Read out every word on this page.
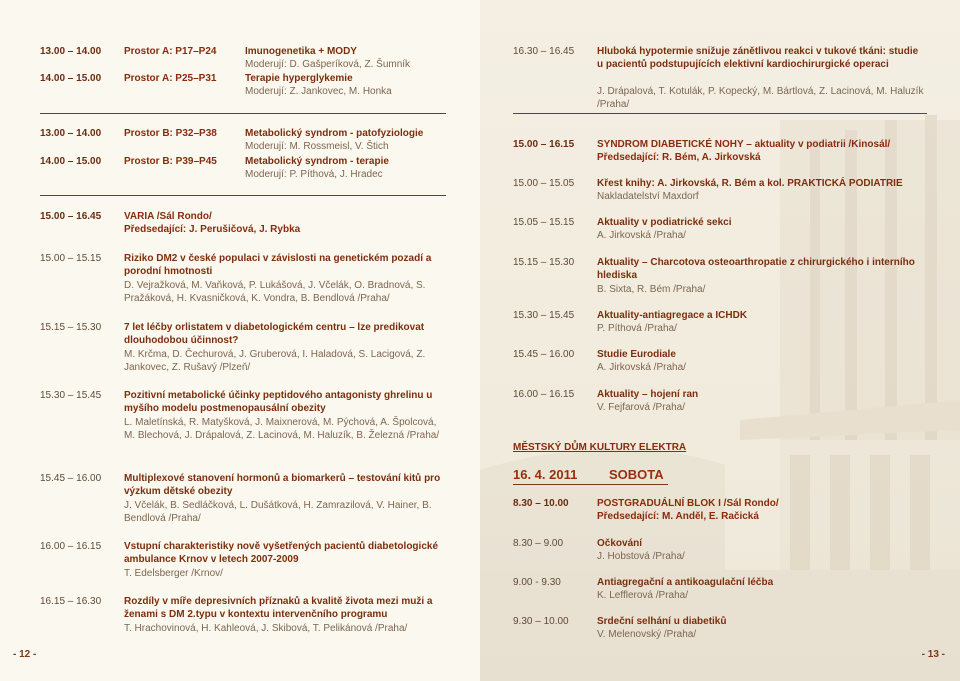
13.00 – 14.00 Prostor A: P17–P24	Imunogenetika + MODY
Moderují: D. Gašperíková, Z. Šumník
14.00 – 15.00 Prostor A: P25–P31	Terapie hyperglykemie
Moderují: Z. Jankovec, M. Honka
13.00 – 14.00 Prostor B: P32–P38	Metabolický syndrom - patofyziologie
Moderují: M. Rossmeisl, V. Štich
14.00 – 15.00 Prostor B: P39–P45	Metabolický syndrom - terapie
Moderují: P. Píthová, J. Hradec
15.00 – 16.45 VARIA /Sál Rondo/
Předsedající: J. Perušičová, J. Rybka
15.00 – 15.15 Riziko DM2 v české populaci v závislosti na genetickém pozadí a porodní hmotnosti
D. Vejražková, M. Vaňková, P. Lukášová, J. Včelák, O. Bradnová, S. Pražáková, H. Kvasničková, K. Vondra, B. Bendlová /Praha/
15.15 – 15.30 7 let léčby orlistatem v diabetologickém centru – lze predikovat dlouhodobou účinnost?
M. Krčma, D. Čechurová, J. Gruberová, I. Haladová, S. Lacigová, Z. Jankovec, Z. Rušavý /Plzeň/
15.30 – 15.45 Pozitivní metabolické účinky peptidového antagonisty ghrelinu u myšího modelu postmenopausální obezity
L. Maletínská, R. Matyšková, J. Maixnerová, M. Pýchová, A. Špolcová, M. Blechová, J. Drápalová, Z. Lacinová, M. Haluzík, B. Železná /Praha/
15.45 – 16.00 Multiplexové stanovení hormonů a biomarkerů – testování kitů pro výzkum dětské obezity
J. Včelák, B. Sedláčková, L. Dušátková, H. Zamrazilová, V. Hainer, B. Bendlová /Praha/
16.00 – 16.15 Vstupní charakteristiky nově vyšetřených pacientů diabetologické ambulance Krnov v letech 2007-2009
T. Edelsberger /Krnov/
16.15 – 16.30 Rozdíly v míře depresivních příznaků a kvalitě života mezi muži a ženami s DM 2.typu v kontextu intervenčního programu
T. Hrachovinová, H. Kahleová, J. Skibová, T. Pelikánová /Praha/
- 12 -
16.30 – 16.45 Hluboká hypotermie snižuje zánětlivou reakci v tukové tkáni: studie u pacientů podstupujících elektivní kardiochirurgické operaci
J. Drápalová, T. Kotulák, P. Kopecký, M. Bártlová, Z. Lacinová, M. Haluzík /Praha/
15.00 – 16.15 SYNDROM DIABETICKÉ NOHY – aktuality v podiatrii /Kinosál/
Předsedající: R. Bém, A. Jirkovská
15.00 – 15.05 Křest knihy: A. Jirkovská, R. Bém a kol. PRAKTICKÁ PODIATRIE
Nakladatelství Maxdorf
15.05 – 15.15 Aktuality v podiatrické sekci
A. Jirkovská /Praha/
15.15 – 15.30 Aktuality – Charcotova osteoarthropatie z chirurgického i interního hlediska
B. Sixta, R. Bém /Praha/
15.30 – 15.45 Aktuality-antiagregace a ICHDK
P. Píthová /Praha/
15.45 – 16.00 Studie Eurodiale
A. Jirkovská /Praha/
16.00 – 16.15 Aktuality – hojení ran
V. Fejfarová /Praha/
MĚSTSKÝ DŮM KULTURY ELEKTRA
16. 4. 2011 SOBOTA
8.30 – 10.00	POSTGRADUÁLNÍ BLOK I /Sál Rondo/
Předsedající: M. Anděl, E. Račická
8.30 – 9.00	Očkování
J. Hobstová /Praha/
9.00 - 9.30	Antiagregační a antikoagulační léčba
K. Lefflerová /Praha/
9.30 – 10.00	Srdeční selhání u diabetiků
V. Melenovský /Praha/
- 13 -
